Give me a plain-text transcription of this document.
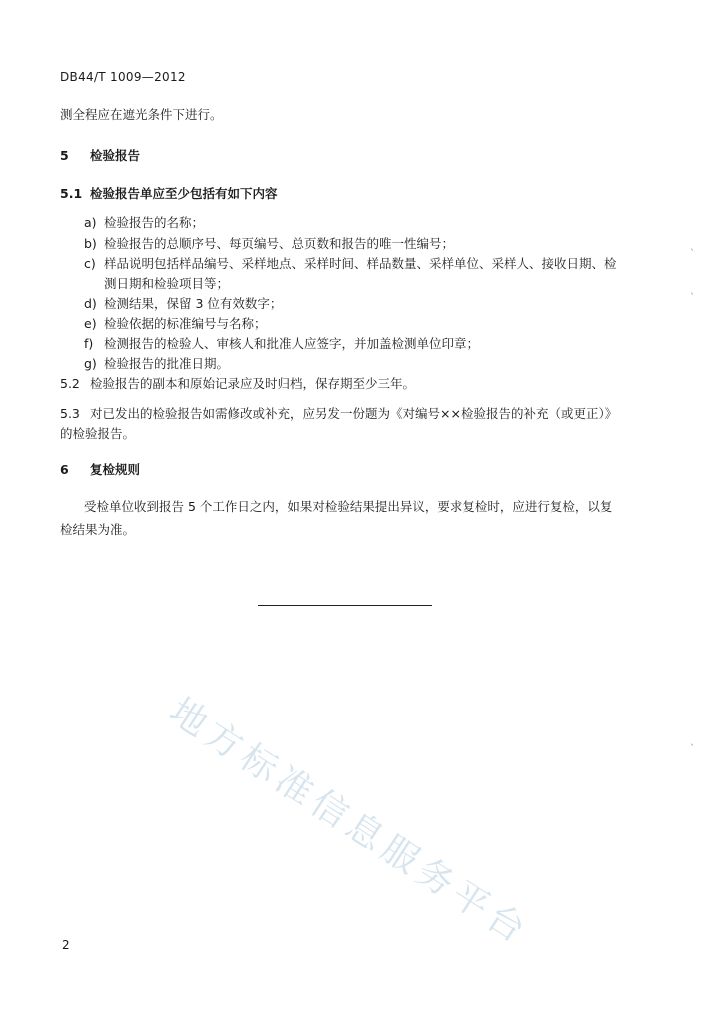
DB44/T 1009—2012
测全程应在遮光条件下进行。
5 检验报告
5.1 检验报告单应至少包括有如下内容
a) 检验报告的名称；
b) 检验报告的总顺序号、每页编号、总页数和报告的唯一性编号；
c) 样品说明包括样品编号、采样地点、采样时间、样品数量、采样单位、采样人、接收日期、检
测日期和检验项目等；
d) 检测结果，保留 3 位有效数字；
e) 检验依据的标准编号与名称；
f) 检测报告的检验人、审核人和批准人应签字，并加盖检测单位印章；
g) 检验报告的批准日期。
5.2 检验报告的副本和原始记录应及时归档，保存期至少三年。
5.3 对已发出的检验报告如需修改或补充，应另发一份题为《对编号××检验报告的补充（或更正）》
的检验报告。
6 复检规则
受检单位收到报告 5 个工作日之内，如果对检验结果提出异议，要求复检时，应进行复检，以复
检结果为准。
地方标准信息服务平台
2
ˎ
ˎ
ˎ
